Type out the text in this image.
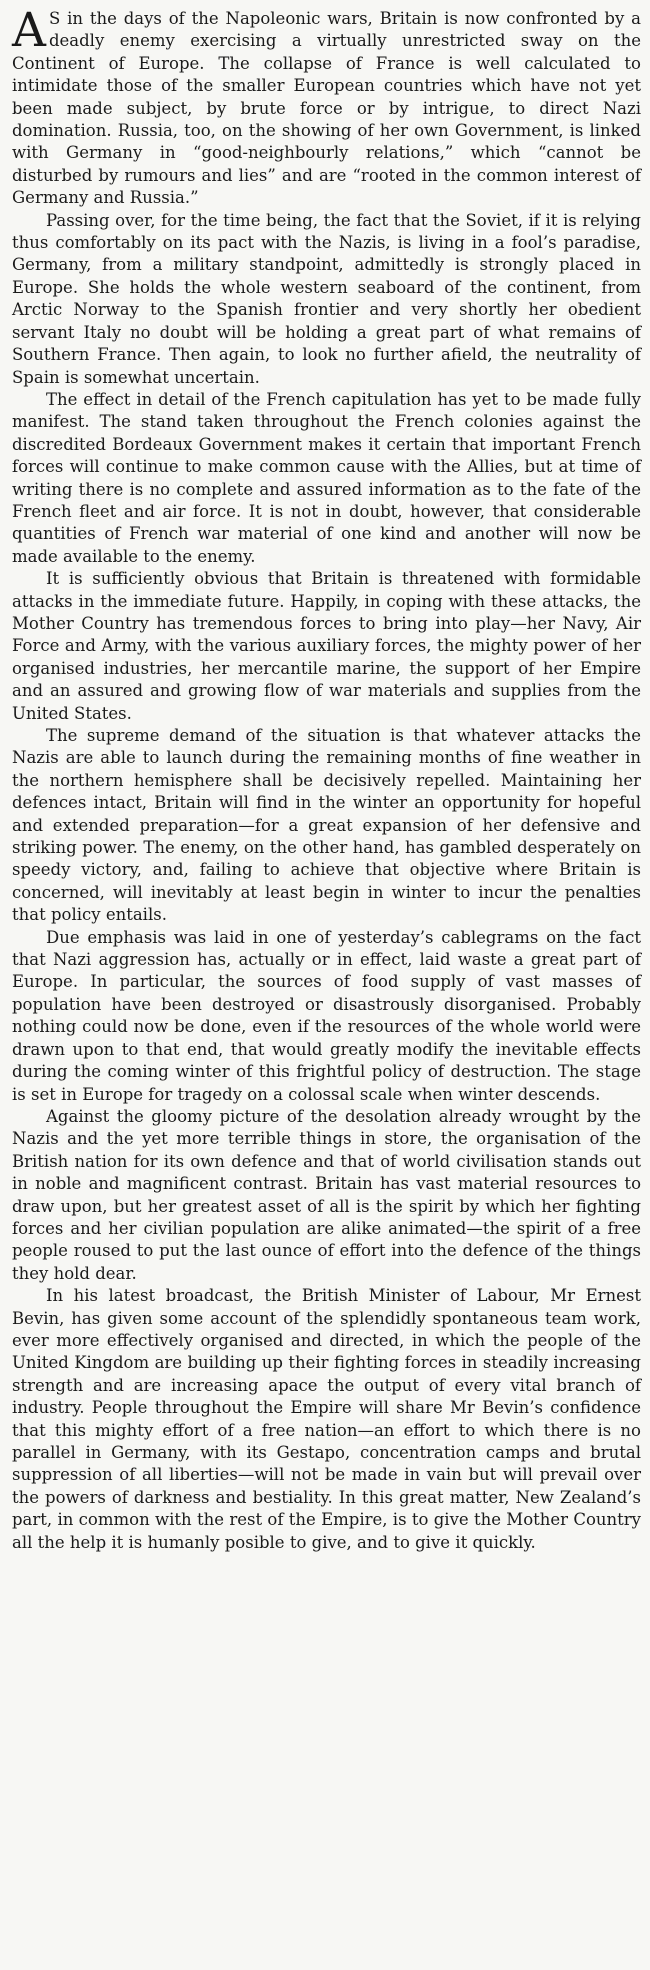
A S in the days of the Napoleonic wars, Britain is now confronted by a deadly enemy exercising a virtually unrestricted sway on the Continent of Europe. The collapse of France is well calculated to intimidate those of the smaller European countries which have not yet been made subject, by brute force or by intrigue, to direct Nazi domination. Russia, too, on the showing of her own Government, is linked with Germany in “good-neighbourly relations,” which “cannot be disturbed by rumours and lies” and are “rooted in the common interest of Germany and Russia.”

Passing over, for the time being, the fact that the Soviet, if it is relying thus comfortably on its pact with the Nazis, is living in a fool’s paradise, Germany, from a military standpoint, admittedly is strongly placed in Europe. She holds the whole western seaboard of the continent, from Arctic Norway to the Spanish frontier and very shortly her obedient servant Italy no doubt will be holding a great part of what remains of Southern France. Then again, to look no further afield, the neutrality of Spain is somewhat uncertain.

The effect in detail of the French capitulation has yet to be made fully manifest. The stand taken throughout the French colonies against the discredited Bordeaux Government makes it certain that important French forces will continue to make common cause with the Allies, but at time of writing there is no complete and assured information as to the fate of the French fleet and air force. It is not in doubt, however, that considerable quantities of French war material of one kind and another will now be made available to the enemy.

It is sufficiently obvious that Britain is threatened with formidable attacks in the immediate future. Happily, in coping with these attacks, the Mother Country has tremendous forces to bring into play—her Navy, Air Force and Army, with the various auxiliary forces, the mighty power of her organised industries, her mercantile marine, the support of her Empire and an assured and growing flow of war materials and supplies from the United States.

The supreme demand of the situation is that whatever attacks the Nazis are able to launch during the remaining months of fine weather in the northern hemisphere shall be decisively repelled. Maintaining her defences intact, Britain will find in the winter an opportunity for hopeful and extended preparation—for a great expansion of her defensive and striking power. The enemy, on the other hand, has gambled desperately on speedy victory, and, failing to achieve that objective where Britain is concerned, will inevitably at least begin in winter to incur the penalties that policy entails.

Due emphasis was laid in one of yesterday’s cablegrams on the fact that Nazi aggression has, actually or in effect, laid waste a great part of Europe. In particular, the sources of food supply of vast masses of population have been destroyed or disastrously disorganised. Probably nothing could now be done, even if the resources of the whole world were drawn upon to that end, that would greatly modify the inevitable effects during the coming winter of this frightful policy of destruction. The stage is set in Europe for tragedy on a colossal scale when winter descends.

Against the gloomy picture of the desolation already wrought by the Nazis and the yet more terrible things in store, the organisation of the British nation for its own defence and that of world civilisation stands out in noble and magnificent contrast. Britain has vast material resources to draw upon, but her greatest asset of all is the spirit by which her fighting forces and her civilian population are alike animated—the spirit of a free people roused to put the last ounce of effort into the defence of the things they hold dear.

In his latest broadcast, the British Minister of Labour, Mr Ernest Bevin, has given some account of the splendidly spontaneous team work, ever more effectively organised and directed, in which the people of the United Kingdom are building up their fighting forces in steadily increasing strength and are increasing apace the output of every vital branch of industry. People throughout the Empire will share Mr Bevin’s confidence that this mighty effort of a free nation—an effort to which there is no parallel in Germany, with its Gestapo, concentration camps and brutal suppression of all liberties—will not be made in vain but will prevail over the powers of darkness and bestiality. In this great matter, New Zealand’s part, in common with the rest of the Empire, is to give the Mother Country all the help it is humanly posible to give, and to give it quickly.
